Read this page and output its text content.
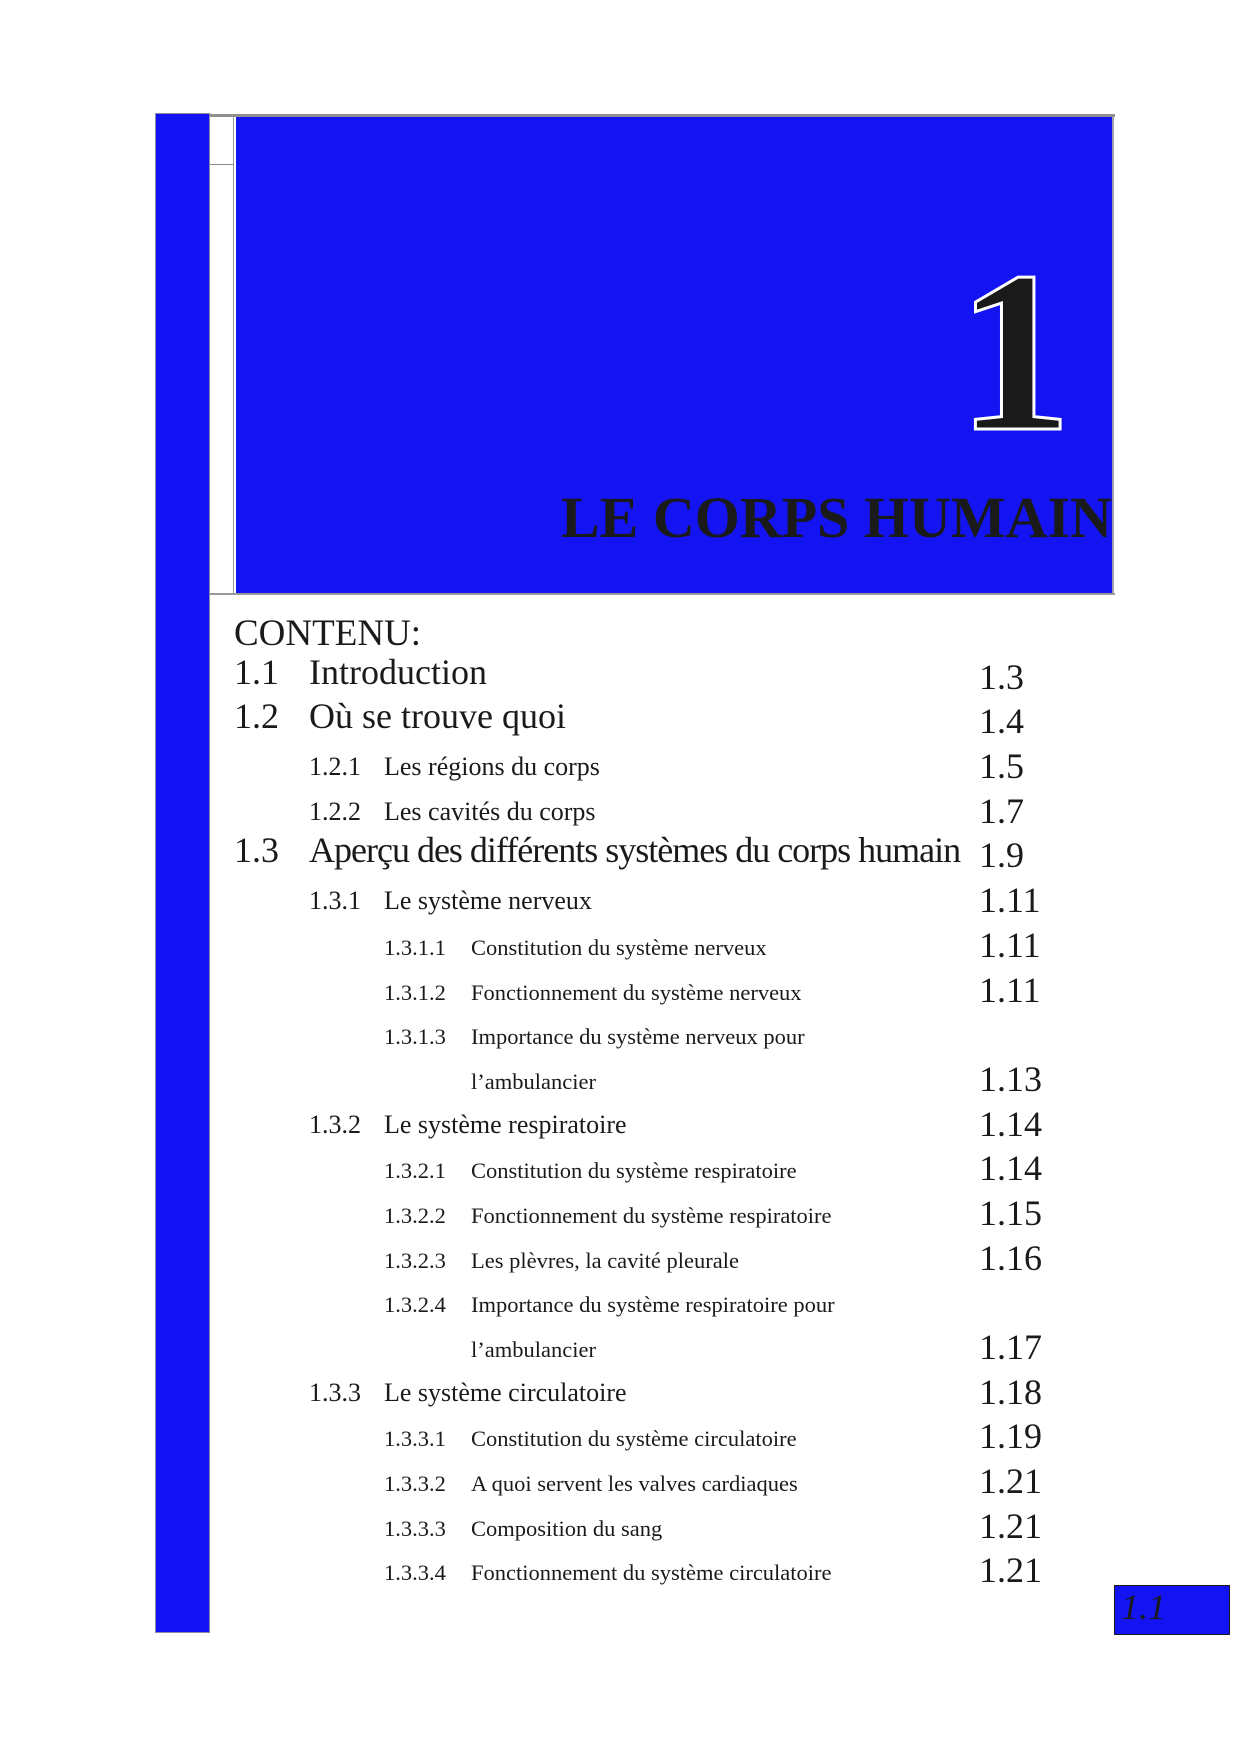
1
LE CORPS HUMAIN
CONTENU:
1.1 Introduction	1.3
1.2 Où se trouve quoi	1.4
1.2.1 Les régions du corps	1.5
1.2.2 Les cavités du corps	1.7
1.3 Aperçu des différents systèmes du corps humain 1.9
1.3.1 Le système nerveux	1.11
1.3.1.1 Constitution du système nerveux	1.11
1.3.1.2 Fonctionnement du système nerveux	1.11
1.3.1.3 Importance du système nerveux pour
l’ambulancier	1.13
1.3.2 Le système respiratoire	1.14
1.3.2.1 Constitution du système respiratoire	1.14
1.3.2.2 Fonctionnement du système respiratoire	1.15
1.3.2.3 Les plèvres, la cavité pleurale	1.16
1.3.2.4 Importance du système respiratoire pour
l’ambulancier	1.17
1.3.3 Le système circulatoire	1.18
1.3.3.1 Constitution du système circulatoire	1.19
1.3.3.2 A quoi servent les valves cardiaques	1.21
1.3.3.3 Composition du sang	1.21
1.3.3.4 Fonctionnement du système circulatoire	1.21
1.1
